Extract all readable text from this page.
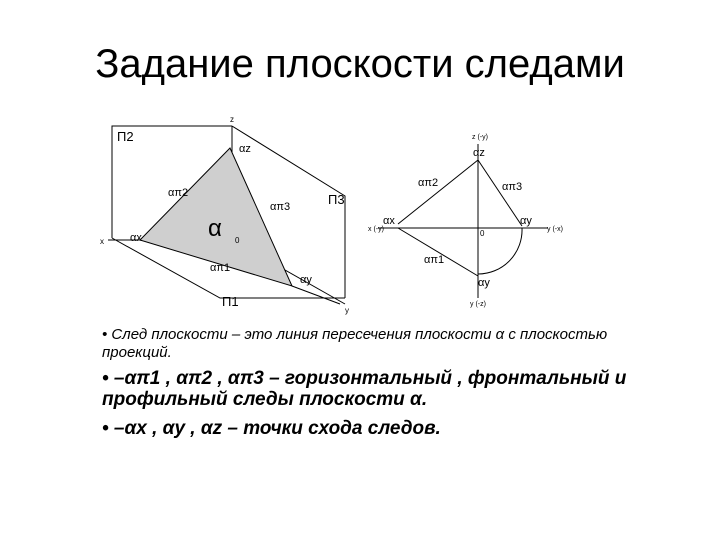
Задание плоскости следами
П2
П3
П1
z
x
y
0
α
αz
απ2
απ3
αx
απ1
αy
z (-y)
αz
απ2	απ3
x (-y)
αx
0
αy
y (-x)
απ1
αy
y (-z)
• След плоскости – это линия пересечения плоскости α с плоскостью проекций.
• –απ1 , απ2 , απ3 – горизонтальный , фронтальный и профильный следы плоскости α.
• –αx , αy , αz – точки схода следов.
